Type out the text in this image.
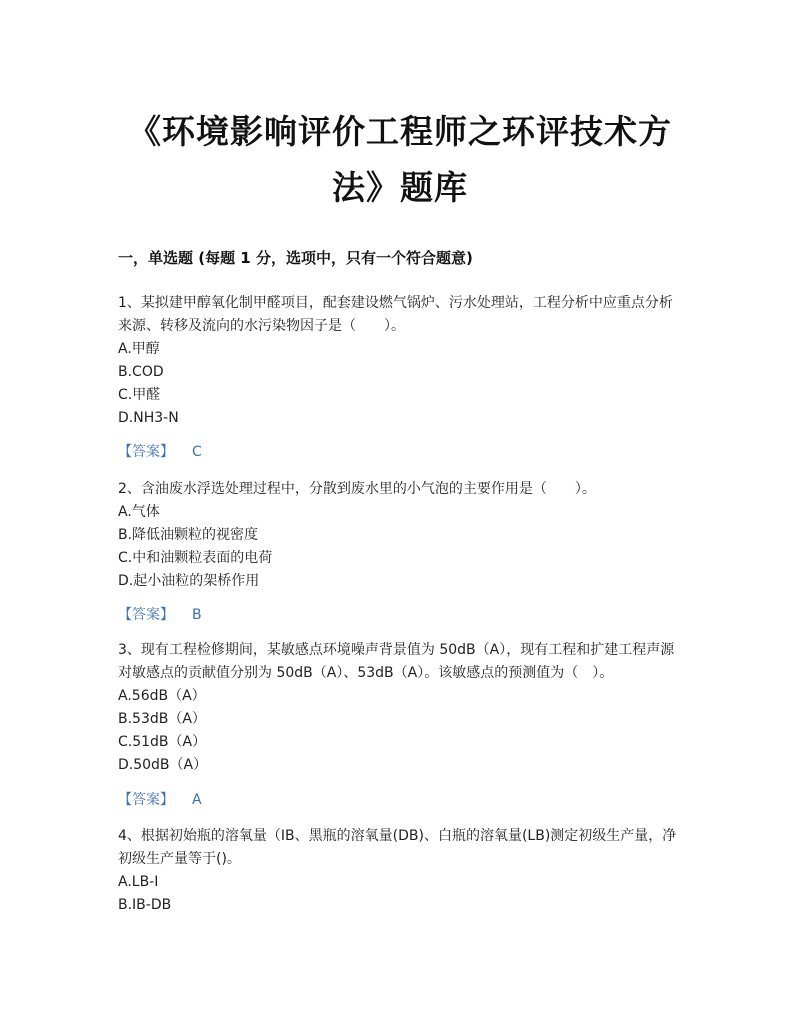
《环境影响评价工程师之环评技术方法》题库
一，单选题 (每题 1 分，选项中，只有一个符合题意)

1、某拟建甲醇氧化制甲醛项目，配套建设燃气锅炉、污水处理站，工程分析中应重点分析来源、转移及流向的水污染物因子是（　　）。

A.甲醇
B.COD
C.甲醛
D.NH3-N
【答案】 C

2、含油废水浮选处理过程中，分散到废水里的小气泡的主要作用是（　　）。

A.气体
B.降低油颗粒的视密度
C.中和油颗粒表面的电荷
D.起小油粒的架桥作用
【答案】 B

3、现有工程检修期间，某敏感点环境噪声背景值为 50dB（A），现有工程和扩建工程声源对敏感点的贡献值分别为 50dB（A）、53dB（A）。该敏感点的预测值为（　）。

A.56dB（A）
B.53dB（A）
C.51dB（A）
D.50dB（A）
【答案】 A

4、根据初始瓶的溶氧量（IB、黑瓶的溶氧量(DB)、白瓶的溶氧量(LB)测定初级生产量，净初级生产量等于()。

A.LB-I
B.IB-DB
